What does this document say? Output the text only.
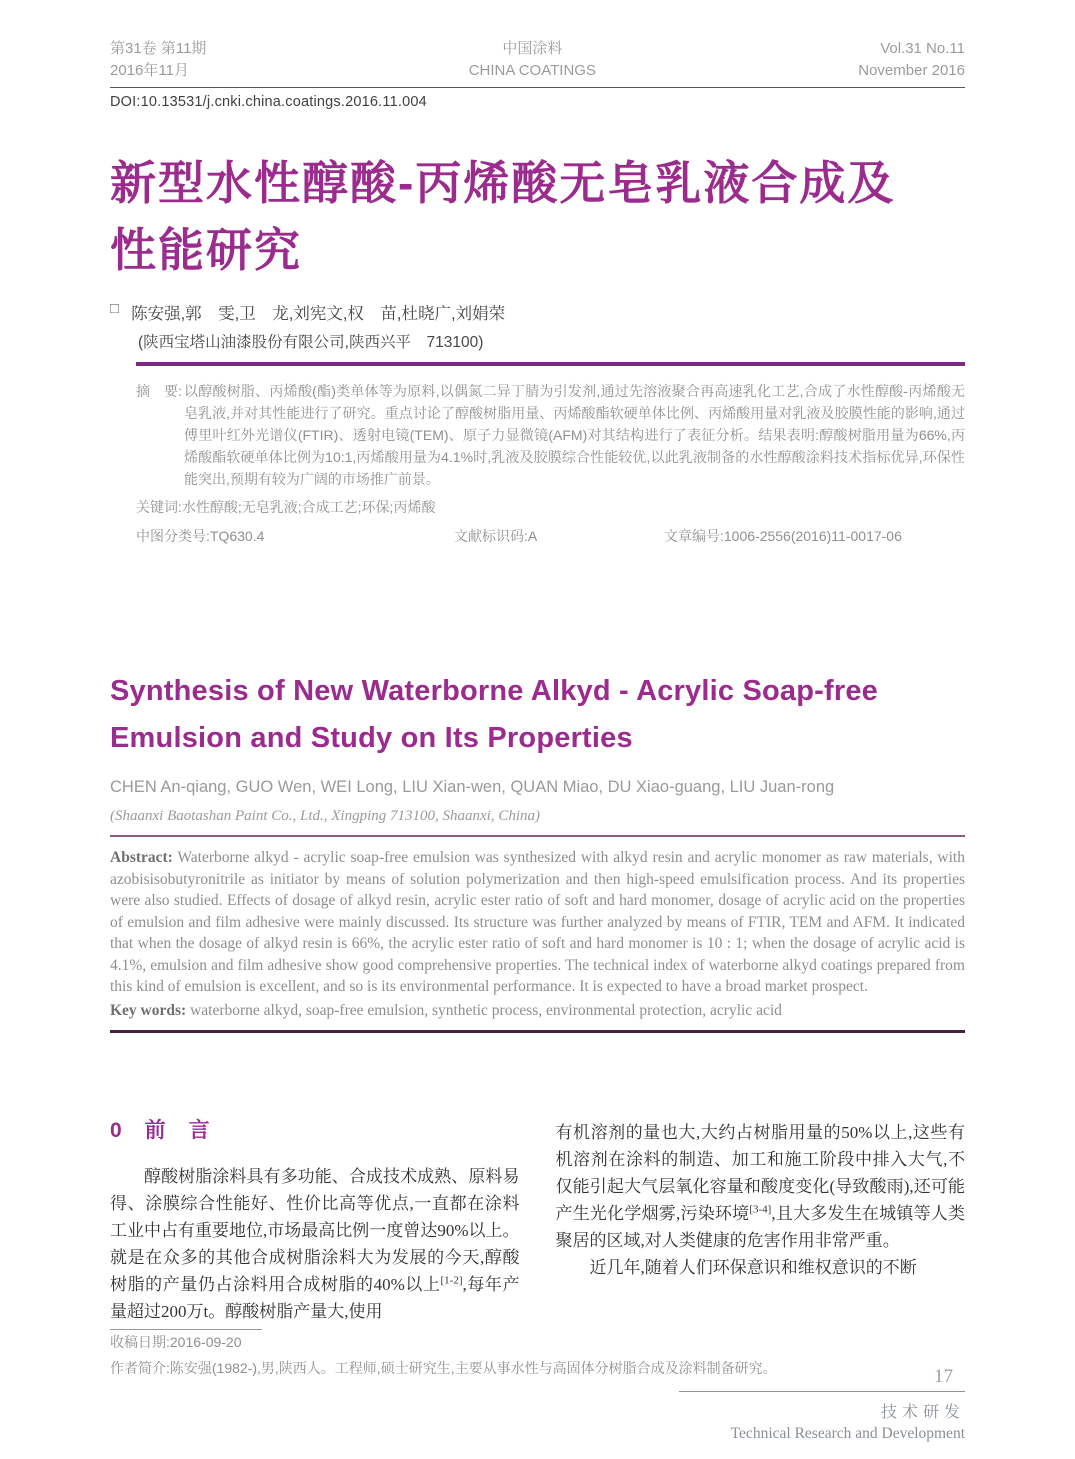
第31卷 第11期
2016年11月
中国涂料
CHINA COATINGS
Vol.31 No.11
November 2016
DOI:10.13531/j.cnki.china.coatings.2016.11.004
新型水性醇酸-丙烯酸无皂乳液合成及
性能研究
□ 陈安强,郭　雯,卫　龙,刘宪文,权　苗,杜晓广,刘娟荣
(陕西宝塔山油漆股份有限公司,陕西兴平　713100)
摘　要: 以醇酸树脂、丙烯酸(酯)类单体等为原料,以偶氮二异丁腈为引发剂,通过先溶液聚合再高速乳化工艺,合成了水性醇酸-丙烯酸无皂乳液,并对其性能进行了研究。重点讨论了醇酸树脂用量、丙烯酸酯软硬单体比例、丙烯酸用量对乳液及胶膜性能的影响,通过傅里叶红外光谱仪(FTIR)、透射电镜(TEM)、原子力显微镜(AFM)对其结构进行了表征分析。结果表明:醇酸树脂用量为66%,丙烯酸酯软硬单体比例为10:1,丙烯酸用量为4.1%时,乳液及胶膜综合性能较优,以此乳液制备的水性醇酸涂料技术指标优异,环保性能突出,预期有较为广阔的市场推广前景。
关键词:水性醇酸;无皂乳液;合成工艺;环保;丙烯酸
中图分类号:TQ630.4	文献标识码:A	文章编号:1006-2556(2016)11-0017-06
Synthesis of New Waterborne Alkyd - Acrylic Soap-free
Emulsion and Study on Its Properties
CHEN An-qiang, GUO Wen, WEI Long, LIU Xian-wen, QUAN Miao, DU Xiao-guang, LIU Juan-rong
(Shaanxi Baotashan Paint Co., Ltd., Xingping 713100, Shaanxi, China)
Abstract: Waterborne alkyd - acrylic soap-free emulsion was synthesized with alkyd resin and acrylic monomer as raw materials, with azobisisobutyronitrile as initiator by means of solution polymerization and then high-speed emulsification process. And its properties were also studied. Effects of dosage of alkyd resin, acrylic ester ratio of soft and hard monomer, dosage of acrylic acid on the properties of emulsion and film adhesive were mainly discussed. Its structure was further analyzed by means of FTIR, TEM and AFM. It indicated that when the dosage of alkyd resin is 66%, the acrylic ester ratio of soft and hard monomer is 10 : 1; when the dosage of acrylic acid is 4.1%, emulsion and film adhesive show good comprehensive properties. The technical index of waterborne alkyd coatings prepared from this kind of emulsion is excellent, and so is its environmental performance. It is expected to have a broad market prospect.
Key words: waterborne alkyd, soap-free emulsion, synthetic process, environmental protection, acrylic acid
0　前　言

醇酸树脂涂料具有多功能、合成技术成熟、原料易得、涂膜综合性能好、性价比高等优点,一直都在涂料工业中占有重要地位,市场最高比例一度曾达90%以上。就是在众多的其他合成树脂涂料大为发展的今天,醇酸树脂的产量仍占涂料用合成树脂的40%以上[1-2],每年产量超过200万t。醇酸树脂产量大,使用

收稿日期:2016-09-20

有机溶剂的量也大,大约占树脂用量的50%以上,这些有机溶剂在涂料的制造、加工和施工阶段中排入大气,不仅能引起大气层氧化容量和酸度变化(导致酸雨),还可能产生光化学烟雾,污染环境[3-4],且大多发生在城镇等人类聚居的区域,对人类健康的危害作用非常严重。

近几年,随着人们环保意识和维权意识的不断

作者简介:陈安强(1982-),男,陕西人。工程师,硕士研究生,主要从事水性与高固体分树脂合成及涂料制备研究。	17
技术研发
Technical Research and Development
